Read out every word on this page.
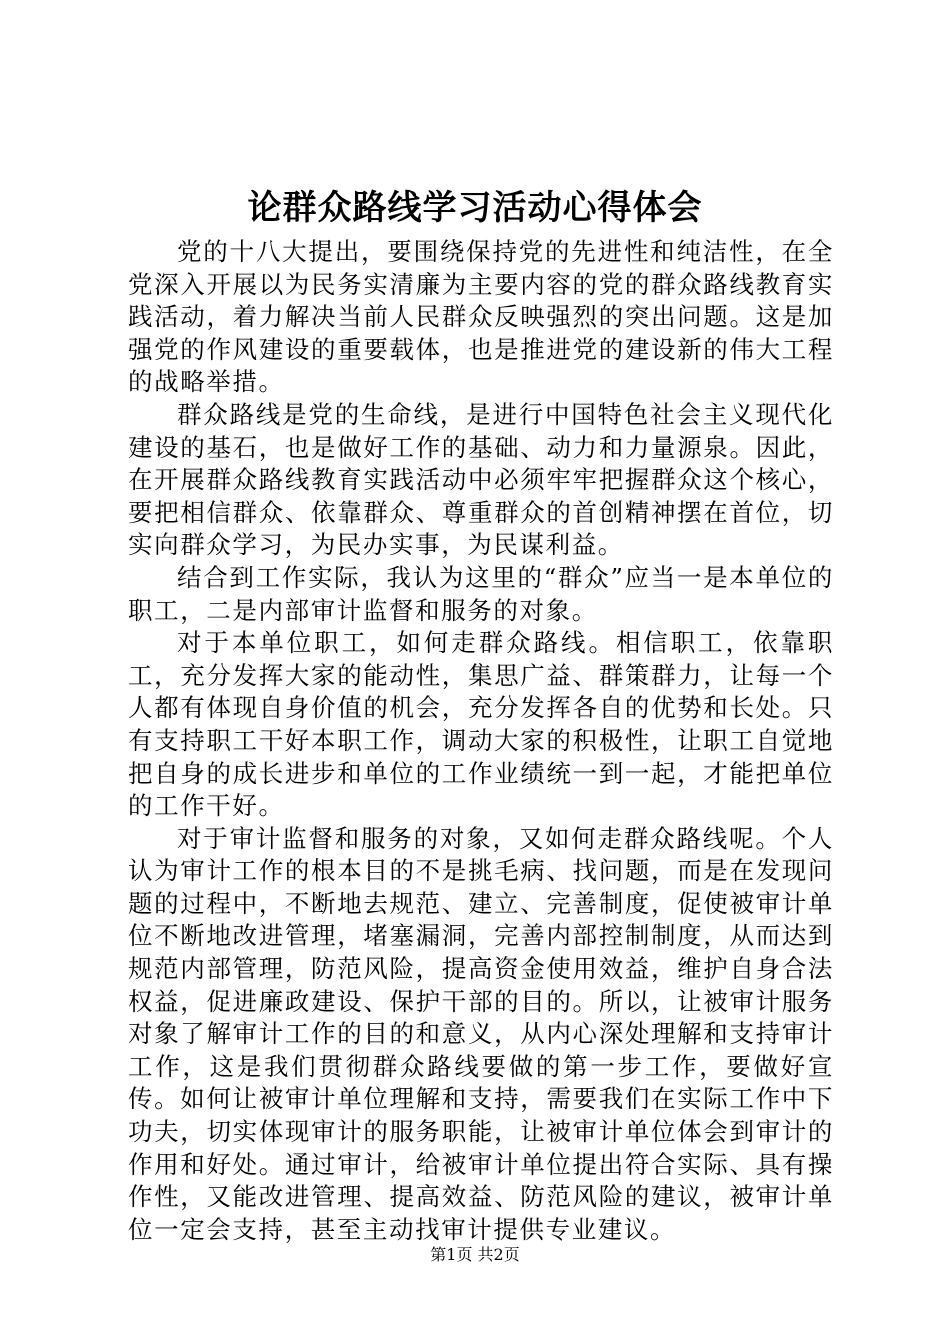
论群众路线学习活动心得体会

党的十八大提出，要围绕保持党的先进性和纯洁性，在全党深入开展以为民务实清廉为主要内容的党的群众路线教育实践活动，着力解决当前人民群众反映强烈的突出问题。这是加强党的作风建设的重要载体，也是推进党的建设新的伟大工程的战略举措。

群众路线是党的生命线，是进行中国特色社会主义现代化建设的基石，也是做好工作的基础、动力和力量源泉。因此，在开展群众路线教育实践活动中必须牢牢把握群众这个核心，要把相信群众、依靠群众、尊重群众的首创精神摆在首位，切实向群众学习，为民办实事，为民谋利益。

结合到工作实际，我认为这里的“群众”应当一是本单位的职工，二是内部审计监督和服务的对象。

对于本单位职工，如何走群众路线。相信职工，依靠职工，充分发挥大家的能动性，集思广益、群策群力，让每一个人都有体现自身价值的机会，充分发挥各自的优势和长处。只有支持职工干好本职工作，调动大家的积极性，让职工自觉地把自身的成长进步和单位的工作业绩统一到一起，才能把单位的工作干好。

对于审计监督和服务的对象，又如何走群众路线呢。个人认为审计工作的根本目的不是挑毛病、找问题，而是在发现问题的过程中，不断地去规范、建立、完善制度，促使被审计单位不断地改进管理，堵塞漏洞，完善内部控制制度，从而达到规范内部管理，防范风险，提高资金使用效益，维护自身合法权益，促进廉政建设、保护干部的目的。所以，让被审计服务对象了解审计工作的目的和意义，从内心深处理解和支持审计工作，这是我们贯彻群众路线要做的第一步工作，要做好宣传。如何让被审计单位理解和支持，需要我们在实际工作中下功夫，切实体现审计的服务职能，让被审计单位体会到审计的作用和好处。通过审计，给被审计单位提出符合实际、具有操作性，又能改进管理、提高效益、防范风险的建议，被审计单位一定会支持，甚至主动找审计提供专业建议。

第1页 共2页
